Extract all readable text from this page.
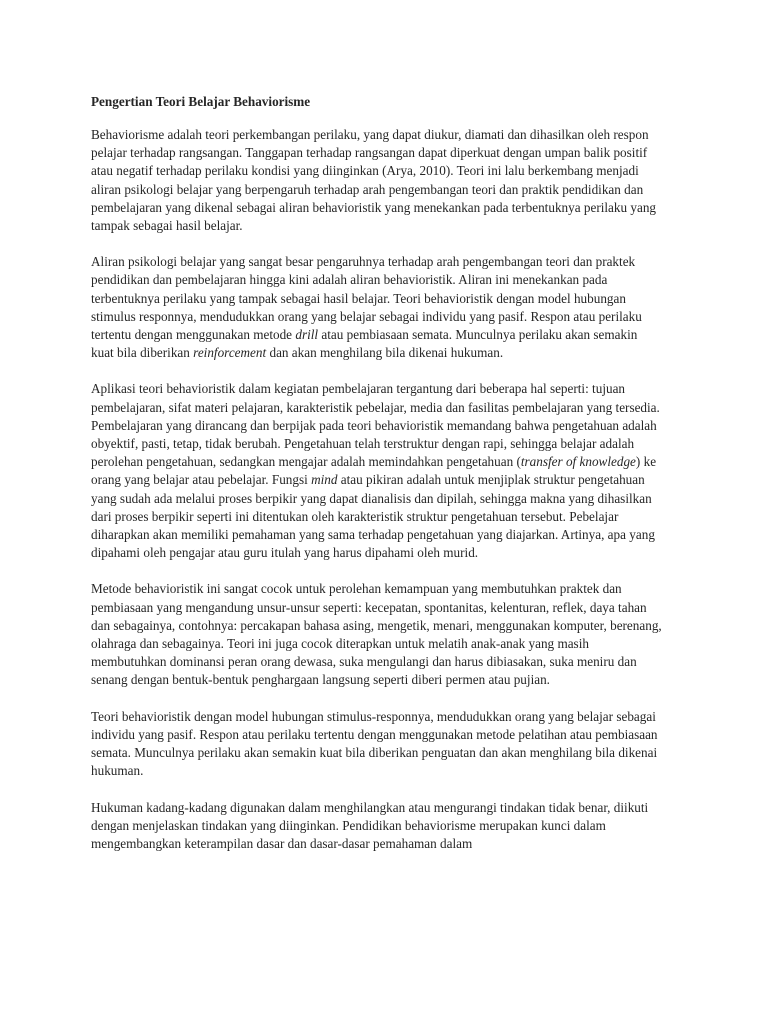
Pengertian Teori Belajar Behaviorisme

Behaviorisme adalah teori perkembangan perilaku, yang dapat diukur, diamati dan dihasilkan oleh respon pelajar terhadap rangsangan. Tanggapan terhadap rangsangan dapat diperkuat dengan umpan balik positif atau negatif terhadap perilaku kondisi yang diinginkan (Arya, 2010). Teori ini lalu berkembang menjadi aliran psikologi belajar yang berpengaruh terhadap arah pengembangan teori dan praktik pendidikan dan pembelajaran yang dikenal sebagai aliran behavioristik yang menekankan pada terbentuknya perilaku yang tampak sebagai hasil belajar.

Aliran psikologi belajar yang sangat besar pengaruhnya terhadap arah pengembangan teori dan praktek pendidikan dan pembelajaran hingga kini adalah aliran behavioristik. Aliran ini menekankan pada terbentuknya perilaku yang tampak sebagai hasil belajar. Teori behavioristik dengan model hubungan stimulus responnya, mendudukkan orang yang belajar sebagai individu yang pasif. Respon atau perilaku tertentu dengan menggunakan metode drill atau pembiasaan semata. Munculnya perilaku akan semakin kuat bila diberikan reinforcement dan akan menghilang bila dikenai hukuman.

Aplikasi teori behavioristik dalam kegiatan pembelajaran tergantung dari beberapa hal seperti: tujuan pembelajaran, sifat materi pelajaran, karakteristik pebelajar, media dan fasilitas pembelajaran yang tersedia. Pembelajaran yang dirancang dan berpijak pada teori behavioristik memandang bahwa pengetahuan adalah obyektif, pasti, tetap, tidak berubah. Pengetahuan telah terstruktur dengan rapi, sehingga belajar adalah perolehan pengetahuan, sedangkan mengajar adalah memindahkan pengetahuan (transfer of knowledge) ke orang yang belajar atau pebelajar. Fungsi mind atau pikiran adalah untuk menjiplak struktur pengetahuan yang sudah ada melalui proses berpikir yang dapat dianalisis dan dipilah, sehingga makna yang dihasilkan dari proses berpikir seperti ini ditentukan oleh karakteristik struktur pengetahuan tersebut. Pebelajar diharapkan akan memiliki pemahaman yang sama terhadap pengetahuan yang diajarkan. Artinya, apa yang dipahami oleh pengajar atau guru itulah yang harus dipahami oleh murid.

Metode behavioristik ini sangat cocok untuk perolehan kemampuan yang membutuhkan praktek dan pembiasaan yang mengandung unsur-unsur seperti: kecepatan, spontanitas, kelenturan, reflek, daya tahan dan sebagainya, contohnya: percakapan bahasa asing, mengetik, menari, menggunakan komputer, berenang, olahraga dan sebagainya. Teori ini juga cocok diterapkan untuk melatih anak-anak yang masih membutuhkan dominansi peran orang dewasa, suka mengulangi dan harus dibiasakan, suka meniru dan senang dengan bentuk-bentuk penghargaan langsung seperti diberi permen atau pujian.

Teori behavioristik dengan model hubungan stimulus-responnya, mendudukkan orang yang belajar sebagai individu yang pasif. Respon atau perilaku tertentu dengan menggunakan metode pelatihan atau pembiasaan semata. Munculnya perilaku akan semakin kuat bila diberikan penguatan dan akan menghilang bila dikenai hukuman.

Hukuman kadang-kadang digunakan dalam menghilangkan atau mengurangi tindakan tidak benar, diikuti dengan menjelaskan tindakan yang diinginkan. Pendidikan behaviorisme merupakan kunci dalam mengembangkan keterampilan dasar dan dasar-dasar pemahaman dalam
